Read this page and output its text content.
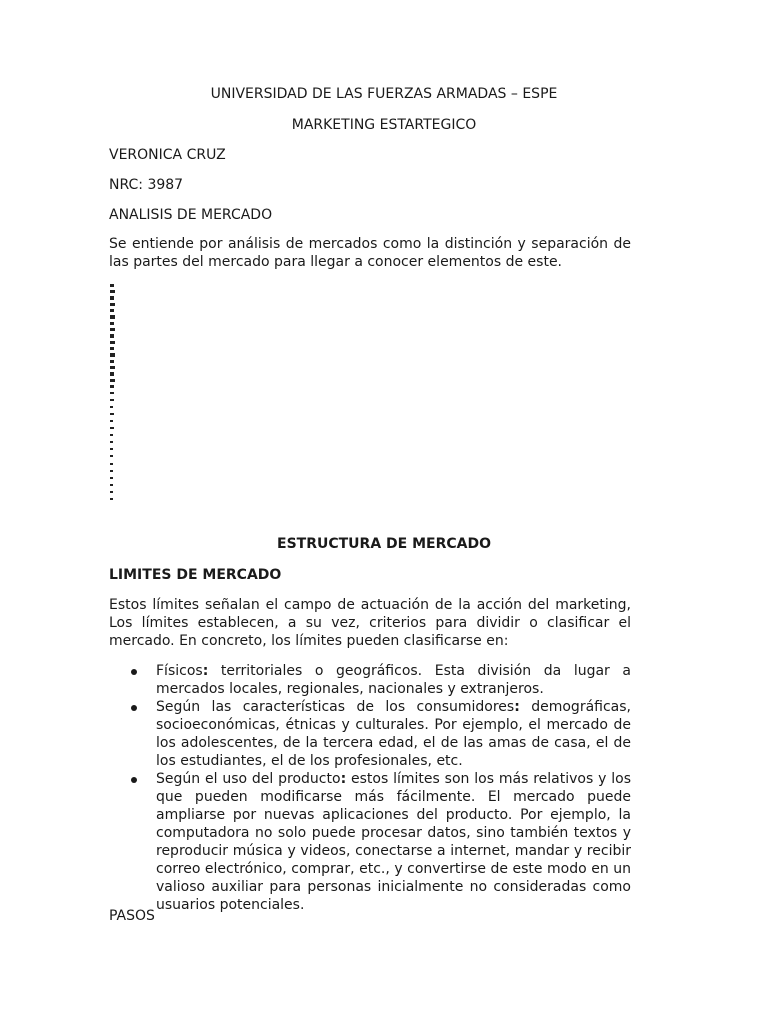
UNIVERSIDAD DE LAS FUERZAS ARMADAS – ESPE
MARKETING ESTARTEGICO
VERONICA CRUZ
NRC: 3987
ANALISIS DE MERCADO
Se entiende por análisis de mercados como la distinción y separación de las partes del mercado para llegar a conocer elementos de este.
ESTRUCTURA DE MERCADO
LIMITES DE MERCADO
Estos límites señalan el campo de actuación de la acción del marketing, Los límites establecen, a su vez, criterios para dividir o clasificar el mercado. En concreto, los límites pueden clasificarse en:
Físicos: territoriales o geográficos. Esta división da lugar a mercados locales, regionales, nacionales y extranjeros.
Según las características de los consumidores: demográficas, socioeconómicas, étnicas y culturales. Por ejemplo, el mercado de los adolescentes, de la tercera edad, el de las amas de casa, el de los estudiantes, el de los profesionales, etc.
Según el uso del producto: estos límites son los más relativos y los que pueden modificarse más fácilmente. El mercado puede ampliarse por nuevas aplicaciones del producto. Por ejemplo, la computadora no solo puede procesar datos, sino también textos y reproducir música y videos, conectarse a internet, mandar y recibir correo electrónico, comprar, etc., y convertirse de este modo en un valioso auxiliar para personas inicialmente no consideradas como usuarios potenciales.
PASOS
